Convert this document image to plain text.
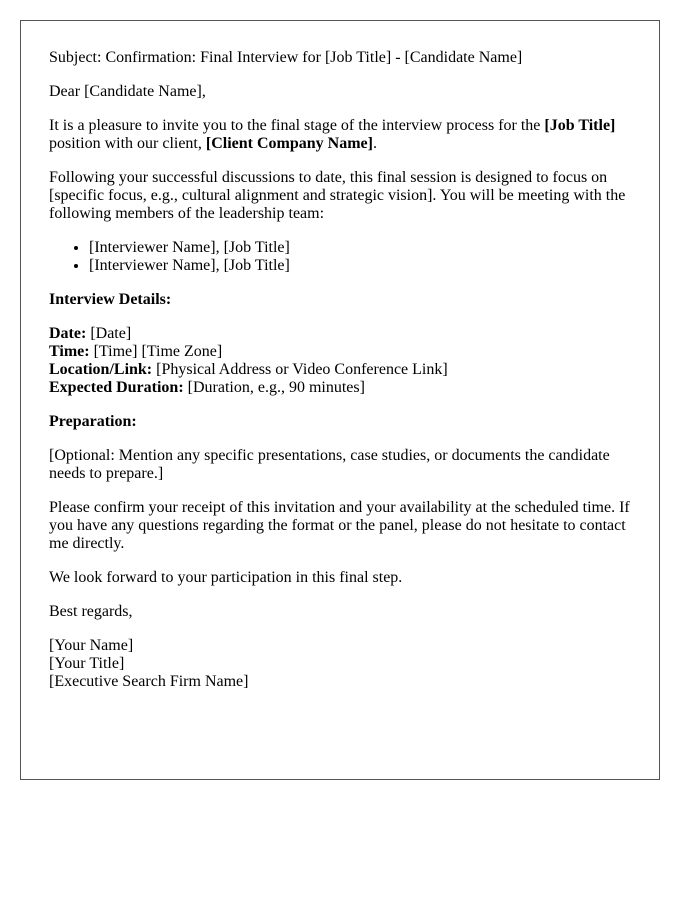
Subject: Confirmation: Final Interview for [Job Title] - [Candidate Name]

Dear [Candidate Name],

It is a pleasure to invite you to the final stage of the interview process for the [Job Title] position with our client, [Client Company Name].

Following your successful discussions to date, this final session is designed to focus on [specific focus, e.g., cultural alignment and strategic vision]. You will be meeting with the following members of the leadership team:

• [Interviewer Name], [Job Title]
• [Interviewer Name], [Job Title]

Interview Details:

Date: [Date]
Time: [Time] [Time Zone]
Location/Link: [Physical Address or Video Conference Link]
Expected Duration: [Duration, e.g., 90 minutes]

Preparation:

[Optional: Mention any specific presentations, case studies, or documents the candidate needs to prepare.]

Please confirm your receipt of this invitation and your availability at the scheduled time. If you have any questions regarding the format or the panel, please do not hesitate to contact me directly.

We look forward to your participation in this final step.

Best regards,

[Your Name]
[Your Title]
[Executive Search Firm Name]
